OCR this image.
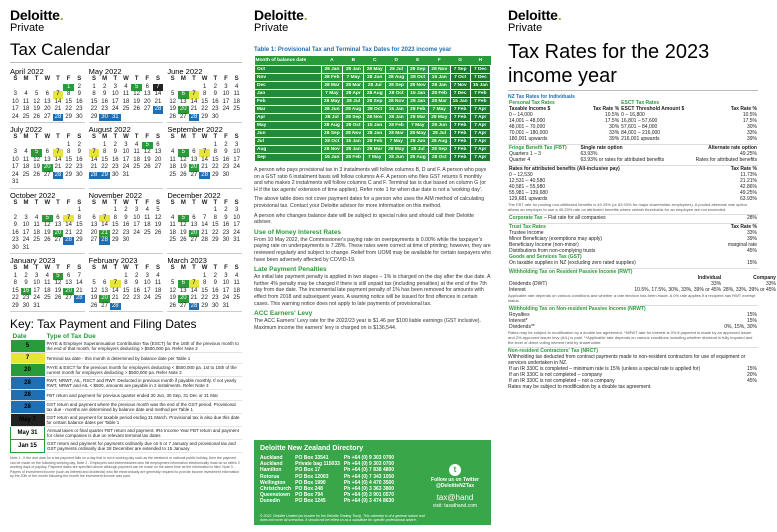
Deloitte.
Private
Tax Calendar
April 2022
S	M	T	W	T	F	S
					1	2
3	4	5	6	7	8	9
10	11	12	13	14	15	16
17	18	19	20	21	22	23
24	25	26	27	28	29	30
May 2022
S	M	T	W	T	F	S
1	2	3	4	5	6	7
8	9	10	11	12	13	14
15	16	17	18	19	20	21
22	23	24	25	26	27	28
29	30	31				
June 2022
S	M	T	W	T	F	S
			1	2	3	4
5	6	7	8	9	10	11
12	13	14	15	16	17	18
19	20	21	22	23	24	25
26	27	28	29	30		
July 2022
S	M	T	W	T	F	S
					1	2
3	4	5	6	7	8	9
10	11	12	13	14	15	16
17	18	19	20	21	22	23
24	25	26	27	28	29	30
31						
August 2022
S	M	T	W	T	F	S
	1	2	3	4	5	6
7	8	9	10	11	12	13
14	15	16	17	18	19	20
21	22	23	24	25	26	27
28	29	30	31			
September 2022
S	M	T	W	T	F	S
				1	2	3
4	5	6	7	8	9	10
11	12	13	14	15	16	17
18	19	20	21	22	23	24
25	26	27	28	29	30	
October 2022
S	M	T	W	T	F	S
						1
2	3	4	5	6	7	8
9	10	11	12	13	14	15
16	17	18	19	20	21	22
23	24	25	26	27	28	29
30	31					
November 2022
S	M	T	W	T	F	S
		1	2	3	4	5
6	7	8	9	10	11	12
13	14	15	16	17	18	19
20	21	22	23	24	25	26
27	28	29	30			
December 2022
S	M	T	W	T	F	S
				1	2	3
4	5	6	7	8	9	10
11	12	13	14	15	16	17
18	19	20	21	22	23	24
25	26	27	28	29	30	31
January 2023
S	M	T	W	T	F	S
1	2	3	4	5	6	7
8	9	10	11	12	13	14
15	16	17	18	19	20	21
22	23	24	25	26	27	28
29	30	31				
February 2023
S	M	T	W	T	F	S
			1	2	3	4
5	6	7	8	9	10	11
12	13	14	15	16	17	18
19	20	21	22	23	24	25
26	27	28				
March 2023
S	M	T	W	T	F	S
			1	2	3	4
5	6	7	8	9	10	11
12	13	14	15	16	17	18
19	20	21	22	23	24	25
26	27	28	29	30	31	
Key: Tax Payment and Filing Dates
Date	Type of Tax Due
5	PAYE & Employer Superannuation Contribution Tax (ESCT) for the 16th of the previous month to the end of that month, for employers deducting > $500,000 pa. Refer Note 2
7	Terminal tax date - this month is determined by balance date per Table 1
20	PAYE & ESCT for the previous month for employers deducting < $500,000 pa. 1st to 15th of the current month for employers deducting > $500,000 pa. Refer Note 2
28	RWT, NRWT, AIL, RSCT and RWT. Deducted in previous month if payable monthly. If not yearly RWT, NRWT and AIL < $500, amounts are payable in 2 instalments. Refer Note 3
28	FBT return and payment for previous quarter ended 30 Jun, 30 Sep, 31 Dec or 31 Mar
28	GST return and payment where the previous month was the end of the GST period. Provisional tax due - months are determined by balance date and method per Table 1
May 7	GST return and payment for taxable period ending 31 March. Provisional tax is also due this date for certain balance dates per Table 1
May 31	Annual taxes or final quarter FBT return and payment. IR4 Income Year FBT return and payment for close companies is due on relevant terminal tax dates
Jan 15	GST return and payment for payments ordinarily due on 5 or 7 January and provisional tax and GST payments ordinarily due 28 December are extended to 15 January
Note 1 - If the due date for a tax payment falls on a day that is not a working day such as the weekend or national public holiday, then the payment can be made on the following working day. Note 2 - Employers and intermediaries who file employment information electronically must do so within 2 working days of payday. Payment dates are specified above although payment can be made on the same time as the information is filed. Note 3 - Payers of investment income (such as interest and dividends) who file electronically are generally required to provide income investment information by the 20th of the month following the month the investment income was paid.
Deloitte.
Private
Table 1: Provisional Tax and Terminal Tax Dates for 2023 income year
Month of balance date	A	B	C	D	E	F	G	H
Oct	28 Jan	28 Jan	28 May	28 Jul	28 Sep	28 Nov	7 Sep	7 Dec
Nov	28 Feb	7 May	28 Jun	28 Aug	28 Oct	15 Jan	7 Oct	7 Dec
Dec	28 Mar	28 Mar	28 Jul	28 Sep	28 Nov	28 Jan	7 Nov	15 Jan
Jan	7 May	28 Apr	28 Aug	28 Oct	15 Jan	28 Feb	7 Dec	7 Feb
Feb	28 May	28 Jul	28 Sep	28 Nov	28 Jan	28 Mar	15 Jan	7 Feb
Mar	28 Jun	28 Aug	28 Oct	15 Jan	28 Feb	7 May	7 Feb	7 Apr
Apr	28 Jul	28 Sep	28 Nov	28 Jan	28 Mar	28 May	7 Feb	7 Apr
May	28 Aug	28 Oct	15 Jan	28 Feb	7 May	28 Jun	7 Feb	7 Apr
Jun	28 Sep	28 Nov	28 Jan	28 Mar	28 May	28 Jul	7 Feb	7 Apr
Jul	28 Oct	15 Jan	28 Feb	7 May	28 Jun	28 Aug	7 Feb	7 Apr
Aug	28 Nov	28 Jan	28 Mar	28 May	28 Jul	28 Sep	7 Feb	7 Apr
Sep	15 Jan	28 Feb	7 May	28 Jun	28 Aug	28 Oct	7 Feb	7 Apr

A person who pays provisional tax in 3 instalments will follow columns B, D and F. A person who pays on a GST ratio 6 instalment basis will follow columns A-F. A person who files GST returns 6 monthly and who makes 2 instalments will follow columns C and F. Terminal tax is due based on column G (or H if the tax agents' extension of time applies). Refer note 1 for when due date is not a 'working day'.

The above table does not cover payment dates for a person who uses the AIM method of calculating provisional tax. Contact your Deloitte advisor for more information on this method.

A person who changes balance date will be subject to special rules and should call their Deloitte adviser.

Use of Money Interest Rates

From 10 May 2022, the Commissioner's paying rate on overpayments is 0.00% while the taxpayer's paying rate on underpayments is 7.28%. These rates were correct at time of printing; however, they are reviewed regularly and subject to change. Relief from UOMI may be available for certain taxpayers who have been adversely affected by COVID-19.

Late Payment Penalties

An initial late payment penalty is applied in two stages – 1% is charged on the day after the due date. A further 4% penalty may be charged if there is still unpaid tax (including penalties) at the end of the 7th day from due date. The incremental late payment penalty of 1% has been removed for amounts with effect from 2018 and subsequent years. A warning notice will be issued for first offences in certain cases. This warning notice does not apply to late payments of provisional tax.

ACC Earners' Levy

The ACC Earners' Levy rate for the 2022/23 year is $1.46 per $100 liable earnings (GST inclusive). Maximum income the earners' levy is charged on is $136,544.

Deloitte New Zealand Directory
Auckland	PO Box 33541	Ph +64 (0) 9 303 0700
Auckland	Private bag 115033	Ph +64 (0) 9 303 0700
Hamilton	PO Box 17	Ph +64 (0) 7 838 4800
Rotorua	PO Box 12003	Ph +64 (0) 7 343 1050
Wellington	PO Box 1990	Ph +64 (0) 4 470 3500
Christchurch	PO Box 248	Ph +64 (0) 3 363 3800
Queenstown	PO Box 794	Ph +64 (0) 3 901 0570
Dunedin	PO Box 1245	Ph +64 (0) 3 474 8630
t
Follow us on Twitter @DeloitteNZTax
tax@hand
visit: taxathand.com
© 2022. Deloitte Limited (as trustee for the Deloitte Trading Trust). This calendar is of a general nature and does not cover all scenarios. It should not be relied on as a substitute for specific professional advice.
Deloitte.
Private
Tax Rates for the 2023 income year
NZ Tax Rates for Individuals
Personal Tax Rates		ESCT Tax Rates	
Taxable Income $	Tax Rate %	ESCT Threshold Amount $	Tax Rate %
0 – 14,000	10.5%	0 – 16,800	10.5%
14,001 – 48,000	17.5%	16,801 – 57,600	17.5%
48,001 – 70,000	30%	57,601 – 84,000	30%
70,001 – 180,000	33%	84,001 – 216,000	33%
180,001 upwards	39%	216,001 upwards	39%
Fringe Benefit Tax (FBT)	Single rate option	Alternate rate option
Quarters 1 – 3	63.93%	49.25%
Quarter 4	63.93% or rates for attributed benefits	Rates for attributed benefits
Rates for attributed benefits (All-inclusive pay)	Tax Rate %
0 – 12,530	11.73%
12,531 – 40,580	21.21%
40,581 – 55,980	42.86%
55,981 – 139,680	49.25%
129,681 upwards	63.93%
The FBT rate for pooling non-attributed benefits is 49.25% (or 63.93% for major shareholder-employees). A pooled alternate rate option allows an employer to use a 49.25% rate on attributed benefits where certain thresholds for an employee are not exceeded.
Corporate Tax – Flat rate for all companies	28%
Trust Tax Rates	Tax Rate %
Trustee Income	33%
Minor Beneficiary (exemptions may apply)	39%
Beneficiary Income (non-minor)	marginal rate
Distributions from non-complying trusts	45%
Goods and Services Tax (GST)	
On taxable supplies in NZ (excluding zero rated supplies)	15%
Withholding Tax on Resident Passive Income (RWT)		
	Individual	Company
Dividends (DWT)	33%	33%
Interest	10.5%, 17.5%, 30%, 33%, 39% or 45%	28%, 33%, 39% or 45%
Applicable rate depends on various conditions and whether a rate election has been made. A 0% rate applies if a recipient has RWT exempt status.
Withholding Tax on Non-resident Passive Income (NRWT)	
Royalties	15%
Interest*	15%
Dividends**	0%, 15%, 30%
Rates may be subject to modification by a double tax agreement. *NRWT rate for interest is 0% if payment is made by an approved issuer and 2% approved issuer levy (AIL) is paid. **Applicable rate depends on various conditions including whether dividend is fully imputed and the level of direct voting interest held by shareholder.
Non-resident Contractors' Tax (NRCT)
Withholding tax deducted from contract payments made to non-resident contractors for use of equipment or services undertaken in NZ.
If an IR 330C is completed – minimum rate is 15% (unless a special rate is applied for)	15%
If an IR 330C is not completed – company	20%
If an IR 330C is not completed – not a company	45%
Rates may be subject to modification by a double tax agreement.
